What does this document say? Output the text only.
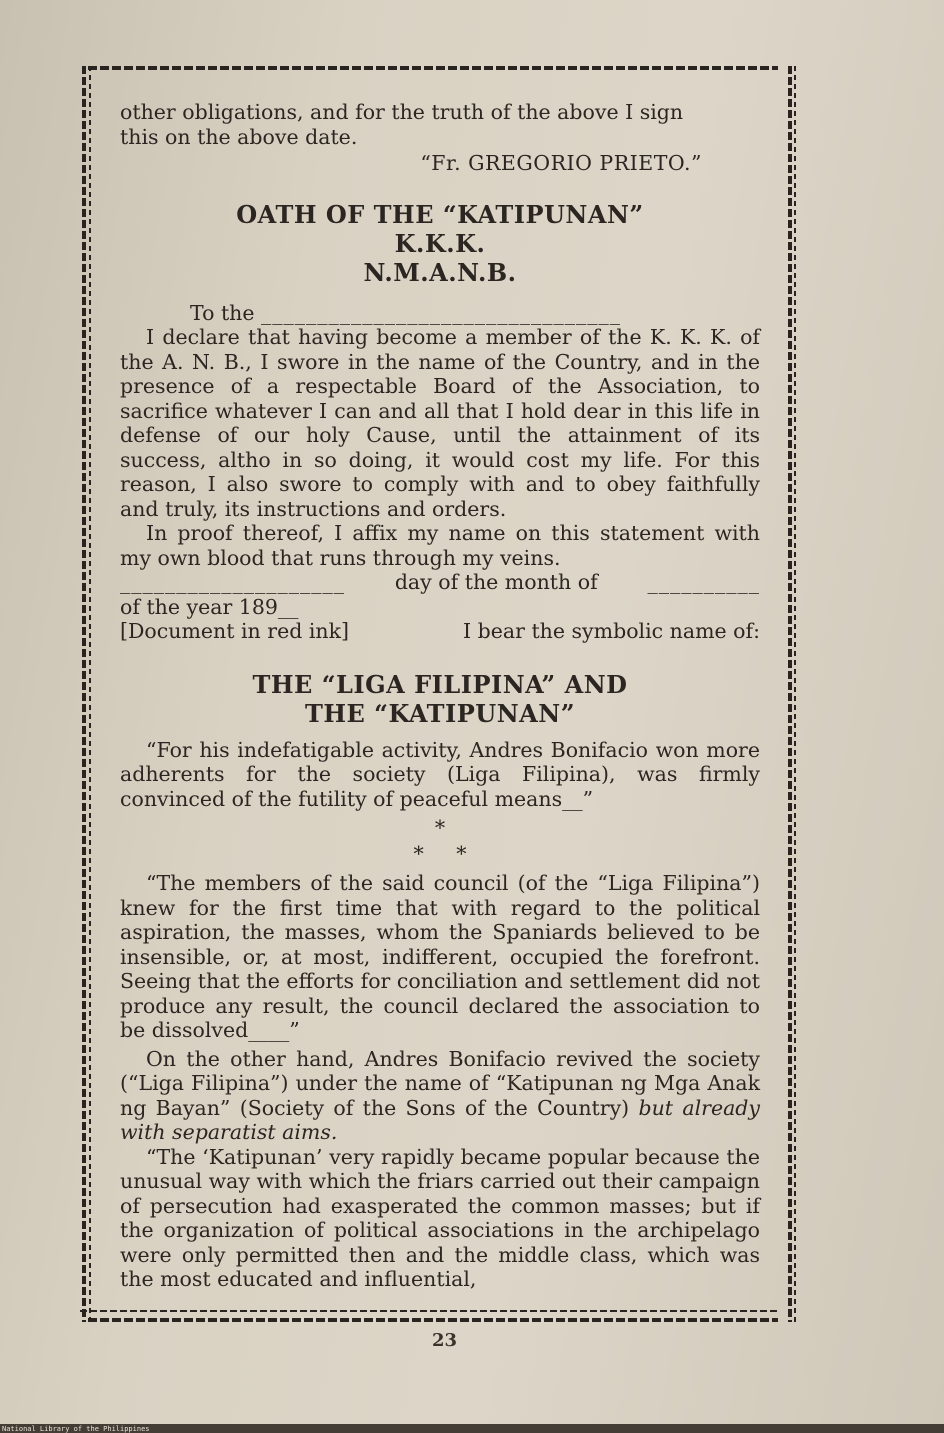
other obligations, and for the truth of the above I sign

this on the above date.

“Fr. GREGORIO PRIETO.”

OATH OF THE “KATIPUNAN”
K.K.K.
N.M.A.N.B.

To the ________________________________

I declare that having become a member of the K. K. K. of the A. N. B., I swore in the name of the Country, and in the presence of a respectable Board of the Association, to sacrifice whatever I can and all that I hold dear in this life in defense of our holy Cause, until the attainment of its success, altho in so doing, it would cost my life. For this reason, I also swore to comply with and to obey faithfully and truly, its instructions and orders.

In proof thereof, I affix my name on this statement with my own blood that runs through my veins.

____________________ day of the month of __________

of the year 189__

[Document in red ink]	I bear the symbolic name of:
THE “LIGA FILIPINA” AND
THE “KATIPUNAN”

“For his indefatigable activity, Andres Bonifacio won more adherents for the society (Liga Filipina), was firmly convinced of the futility of peaceful means__”

*
*     *

“The members of the said council (of the “Liga Filipina”) knew for the first time that with regard to the political aspiration, the masses, whom the Spaniards believed to be insensible, or, at most, indifferent, occupied the forefront. Seeing that the efforts for conciliation and settlement did not produce any result, the council declared the association to be dissolved____”

On the other hand, Andres Bonifacio revived the society (“Liga Filipina”) under the name of “Katipunan ng Mga Anak ng Bayan” (Society of the Sons of the Country) but already with separatist aims.

“The ‘Katipunan’ very rapidly became popular because the unusual way with which the friars carried out their campaign of persecution had exasperated the common masses; but if the organization of political associations in the archipelago were only permitted then and the middle class, which was the most educated and influential,

23
National Library of the Philippines
